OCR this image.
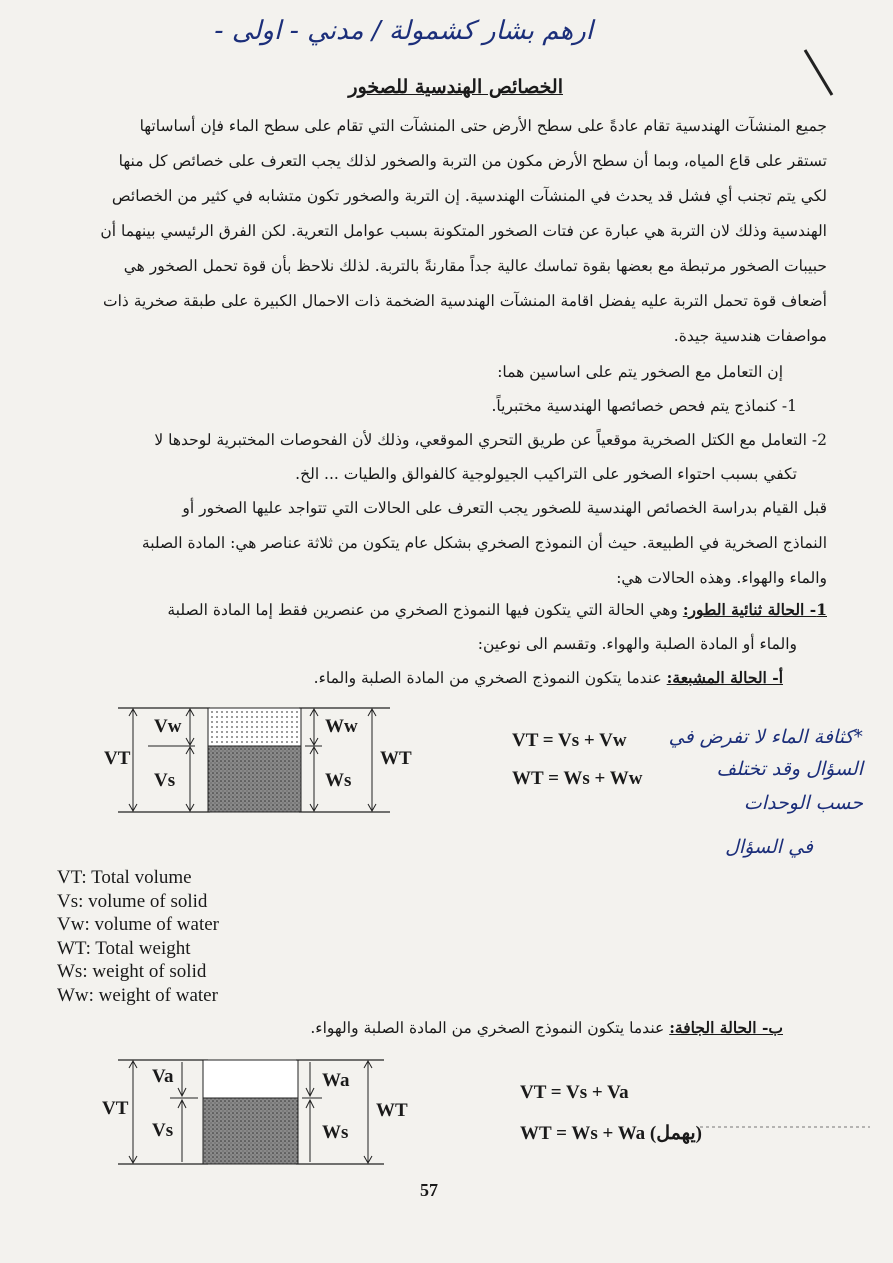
ارهم بشار كشمولة / مدني - اولى -
الخصائص الهندسية للصخور
جميع المنشآت الهندسية تقام عادةً على سطح الأرض حتى المنشآت التي تقام على سطح الماء فإن أساساتها
تستقر على قاع المياه، وبما أن سطح الأرض مكون من التربة والصخور لذلك يجب التعرف على خصائص كل منها
لكي يتم تجنب أي فشل قد يحدث في المنشآت الهندسية. إن التربة والصخور تكون متشابه في كثير من الخصائص
الهندسية وذلك لان التربة هي عبارة عن فتات الصخور المتكونة بسبب عوامل التعرية. لكن الفرق الرئيسي بينهما أن
حبيبات الصخور مرتبطة مع بعضها بقوة تماسك عالية جداً مقارنةً بالتربة. لذلك نلاحظ بأن قوة تحمل الصخور هي
أضعاف قوة تحمل التربة عليه يفضل اقامة المنشآت الهندسية الضخمة ذات الاحمال الكبيرة على طبقة صخرية ذات
مواصفات هندسية جيدة.
إن التعامل مع الصخور يتم على اساسين هما:
1- كنماذج يتم فحص خصائصها الهندسية مختبرياً.
2- التعامل مع الكتل الصخرية موقعياً عن طريق التحري الموقعي، وذلك لأن الفحوصات المختبرية لوحدها لا
تكفي بسبب احتواء الصخور على التراكيب الجيولوجية كالفوالق والطيات ... الخ.
قبل القيام بدراسة الخصائص الهندسية للصخور يجب التعرف على الحالات التي تتواجد عليها الصخور أو
النماذج الصخرية في الطبيعة. حيث أن النموذج الصخري بشكل عام يتكون من ثلاثة عناصر هي: المادة الصلبة
والماء والهواء. وهذه الحالات هي:
1- الحالة ثنائية الطور: وهي الحالة التي يتكون فيها النموذج الصخري من عنصرين فقط إما المادة الصلبة
والماء أو المادة الصلبة والهواء. وتقسم الى نوعين:
أ- الحالة المشبعة: عندما يتكون النموذج الصخري من المادة الصلبة والماء.
VT
Vw
Vs
Ww
Ws
WT
VT = Vs + Vw
WT = Ws + Ww
*كثافة الماء لا تفرض في
السؤال وقد تختلف
حسب الوحدات
في السؤال
VT: Total volume
Vs: volume of solid
Vw: volume of water
WT: Total weight
Ws: weight of solid
Ww: weight of water
ب- الحالة الجافة: عندما يتكون النموذج الصخري من المادة الصلبة والهواء.
VT
Va
Vs
Wa
Ws
WT
VT = Vs + Va
WT = Ws + Wa (يهمل)
57
